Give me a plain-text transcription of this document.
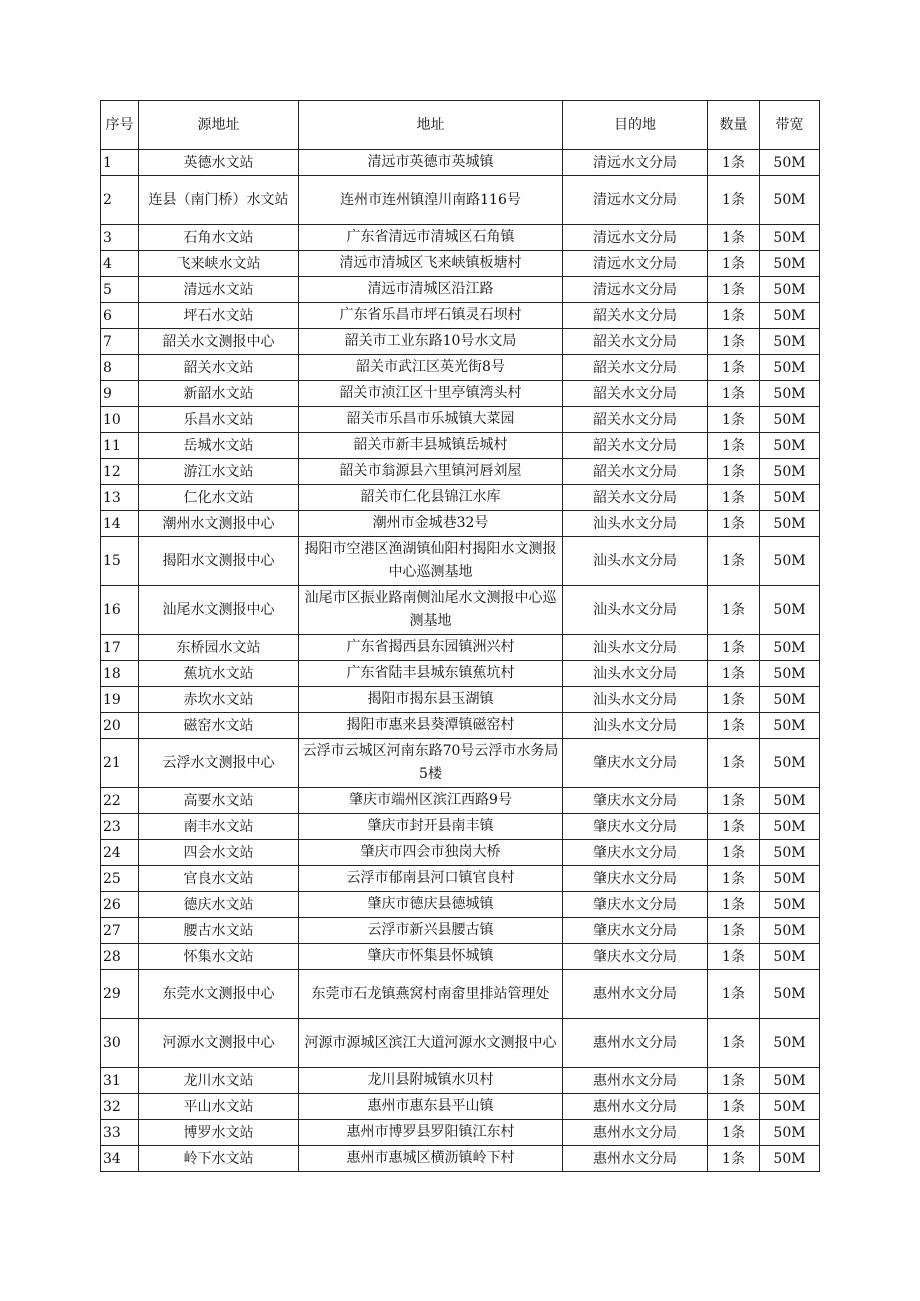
序号	源地址	地址	目的地	数量	带宽
1	英德水文站	清远市英德市英城镇	清远水文分局	1条	50M
2	连县（南门桥）水文站	连州市连州镇湟川南路116号	清远水文分局	1条	50M
3	石角水文站	广东省清远市清城区石角镇	清远水文分局	1条	50M
4	飞来峡水文站	清远市清城区飞来峡镇板塘村	清远水文分局	1条	50M
5	清远水文站	清远市清城区沿江路	清远水文分局	1条	50M
6	坪石水文站	广东省乐昌市坪石镇灵石坝村	韶关水文分局	1条	50M
7	韶关水文测报中心	韶关市工业东路10号水文局	韶关水文分局	1条	50M
8	韶关水文站	韶关市武江区英光街8号	韶关水文分局	1条	50M
9	新韶水文站	韶关市浈江区十里亭镇湾头村	韶关水文分局	1条	50M
10	乐昌水文站	韶关市乐昌市乐城镇大菜园	韶关水文分局	1条	50M
11	岳城水文站	韶关市新丰县城镇岳城村	韶关水文分局	1条	50M
12	游江水文站	韶关市翁源县六里镇河唇刘屋	韶关水文分局	1条	50M
13	仁化水文站	韶关市仁化县锦江水库	韶关水文分局	1条	50M
14	潮州水文测报中心	潮州市金城巷32号	汕头水文分局	1条	50M
15	揭阳水文测报中心	揭阳市空港区渔湖镇仙阳村揭阳水文测报中心巡测基地	汕头水文分局	1条	50M
16	汕尾水文测报中心	汕尾市区振业路南侧汕尾水文测报中心巡测基地	汕头水文分局	1条	50M
17	东桥园水文站	广东省揭西县东园镇洲兴村	汕头水文分局	1条	50M
18	蕉坑水文站	广东省陆丰县城东镇蕉坑村	汕头水文分局	1条	50M
19	赤坎水文站	揭阳市揭东县玉湖镇	汕头水文分局	1条	50M
20	磁窑水文站	揭阳市惠来县葵潭镇磁窑村	汕头水文分局	1条	50M
21	云浮水文测报中心	云浮市云城区河南东路70号云浮市水务局5楼	肇庆水文分局	1条	50M
22	高要水文站	肇庆市端州区滨江西路9号	肇庆水文分局	1条	50M
23	南丰水文站	肇庆市封开县南丰镇	肇庆水文分局	1条	50M
24	四会水文站	肇庆市四会市独岗大桥	肇庆水文分局	1条	50M
25	官良水文站	云浮市郁南县河口镇官良村	肇庆水文分局	1条	50M
26	德庆水文站	肇庆市德庆县德城镇	肇庆水文分局	1条	50M
27	腰古水文站	云浮市新兴县腰古镇	肇庆水文分局	1条	50M
28	怀集水文站	肇庆市怀集县怀城镇	肇庆水文分局	1条	50M
29	东莞水文测报中心	东莞市石龙镇燕窝村南畲里排站管理处	惠州水文分局	1条	50M
30	河源水文测报中心	河源市源城区滨江大道河源水文测报中心	惠州水文分局	1条	50M
31	龙川水文站	龙川县附城镇水贝村	惠州水文分局	1条	50M
32	平山水文站	惠州市惠东县平山镇	惠州水文分局	1条	50M
33	博罗水文站	惠州市博罗县罗阳镇江东村	惠州水文分局	1条	50M
34	岭下水文站	惠州市惠城区横沥镇岭下村	惠州水文分局	1条	50M
